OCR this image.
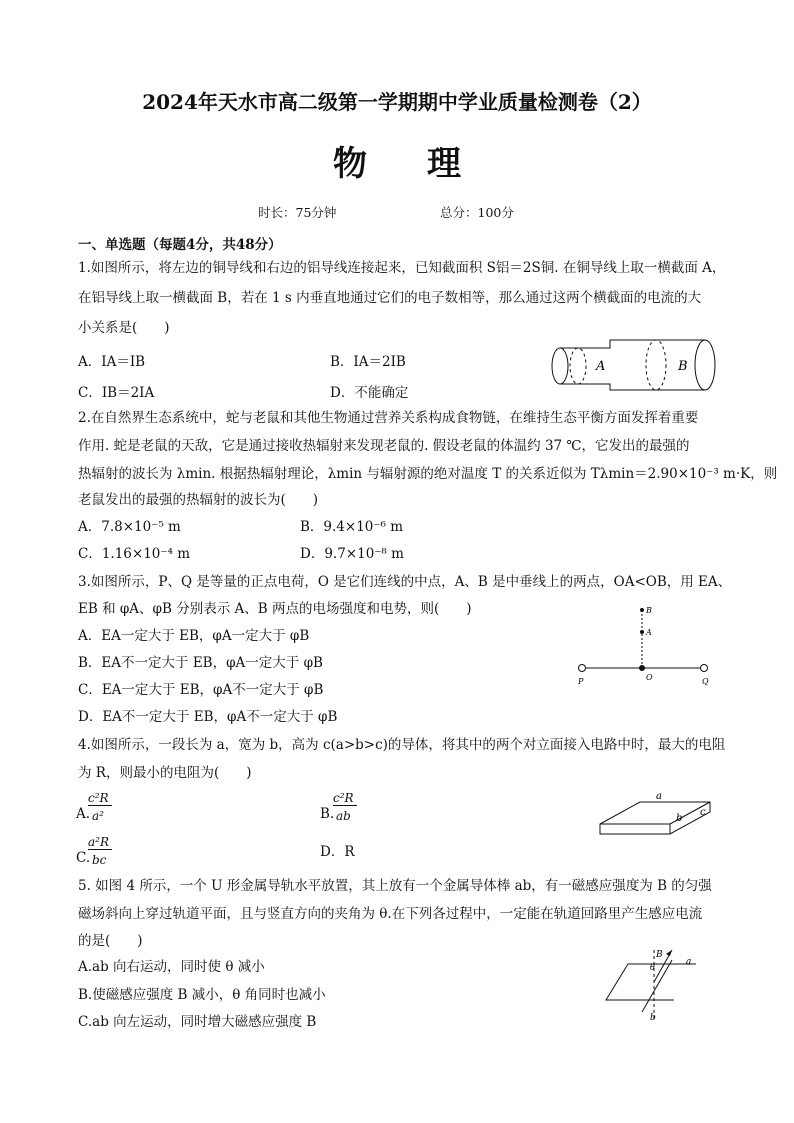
2024年天水市高二级第一学期期中学业质量检测卷（2）
物理
时长：75分钟	总分：100分
一、单选题（每题4分，共48分）
1.如图所示，将左边的铜导线和右边的铝导线连接起来，已知截面积 S铝＝2S铜. 在铜导线上取一横截面 A，
在铝导线上取一横截面 B，若在 1 s 内垂直地通过它们的电子数相等，那么通过这两个横截面的电流的大
小关系是(　　)
A．IA＝IB	B．IA＝2IB
C．IB＝2IA	D．不能确定
A	B
2.在自然界生态系统中，蛇与老鼠和其他生物通过营养关系构成食物链，在维持生态平衡方面发挥着重要
作用. 蛇是老鼠的天敌，它是通过接收热辐射来发现老鼠的. 假设老鼠的体温约 37 ℃，它发出的最强的
热辐射的波长为 λmin. 根据热辐射理论，λmin 与辐射源的绝对温度 T 的关系近似为 Tλmin＝2.90×10⁻³ m·K，则
老鼠发出的最强的热辐射的波长为(　　)
A．7.8×10⁻⁵ m	B．9.4×10⁻⁶ m
C．1.16×10⁻⁴ m	D．9.7×10⁻⁸ m
3.如图所示，P、Q 是等量的正点电荷，O 是它们连线的中点，A、B 是中垂线上的两点，OA<OB，用 EA、
EB 和 φA、φB 分别表示 A、B 两点的电场强度和电势，则(　　)
A．EA一定大于 EB，φA一定大于 φB
B．EA不一定大于 EB，φA一定大于 φB
C．EA一定大于 EB，φA不一定大于 φB
D．EA不一定大于 EB，φA不一定大于 φB
P	Q
O
A
B
4.如图所示，一段长为 a，宽为 b，高为 c(a>b>c)的导体，将其中的两个对立面接入电路中时，最大的电阻
为 R，则最小的电阻为(　　)
A.
c²R
a²	B.
c²R
ab
C.
a²R
bc	D．R
a
b
c
5. 如图 4 所示，一个 U 形金属导轨水平放置，其上放有一个金属导体棒 ab，有一磁感应强度为 B 的匀强
磁场斜向上穿过轨道平面，且与竖直方向的夹角为 θ.在下列各过程中，一定能在轨道回路里产生感应电流
的是(　　)
A.ab 向右运动，同时使 θ 减小
B.使磁感应强度 B 减小，θ 角同时也减小
C.ab 向左运动，同时增大磁感应强度 B
B
θ
a
b
